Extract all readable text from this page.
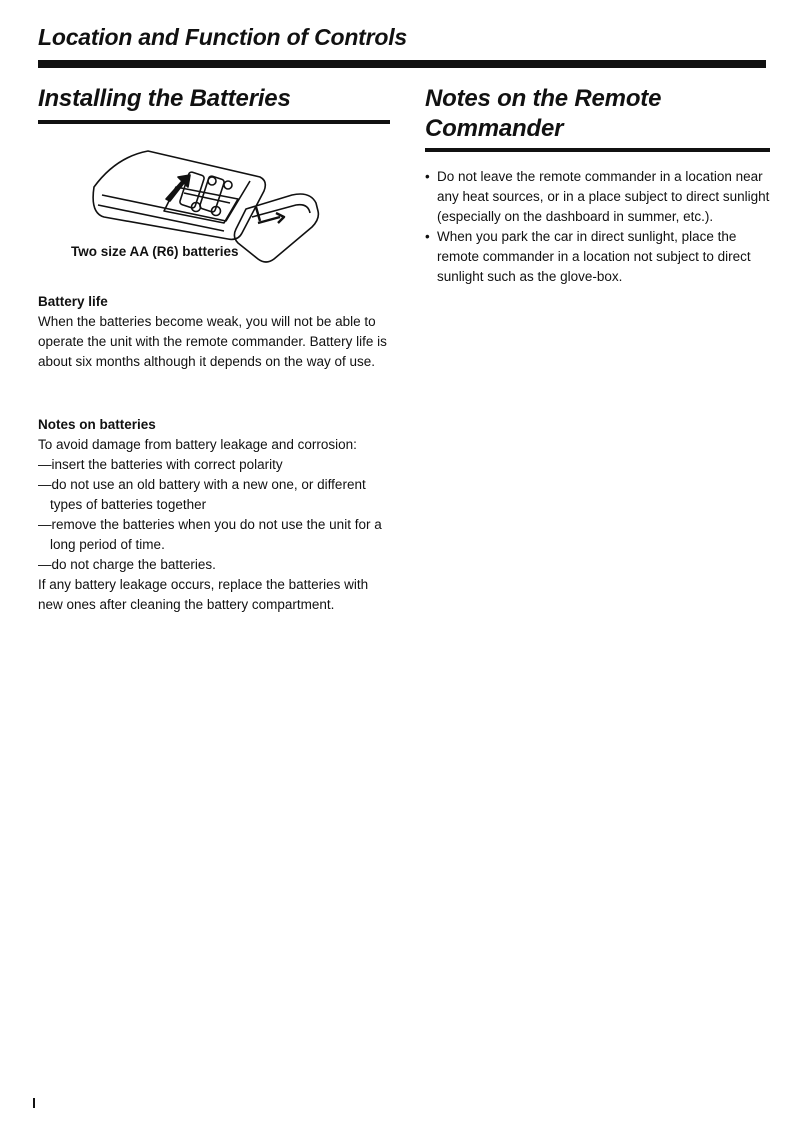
Location and Function of Controls
Installing the Batteries
Two size AA (R6) batteries

Battery life

When the batteries become weak, you will not be able to operate the unit with the remote commander. Battery life is about six months although it depends on the way of use.

Notes on batteries

To avoid damage from battery leakage and corrosion:

—insert the batteries with correct polarity

—do not use an old battery with a new one, or different types of batteries together

—remove the batteries when you do not use the unit for a long period of time.

—do not charge the batteries.

If any battery leakage occurs, replace the batteries with new ones after cleaning the battery compartment.

Notes on the Remote Commander
• Do not leave the remote commander in a location near any heat sources, or in a place subject to direct sunlight (especially on the dashboard in summer, etc.).
• When you park the car in direct sunlight, place the remote commander in a location not subject to direct sunlight such as the glove-box.
